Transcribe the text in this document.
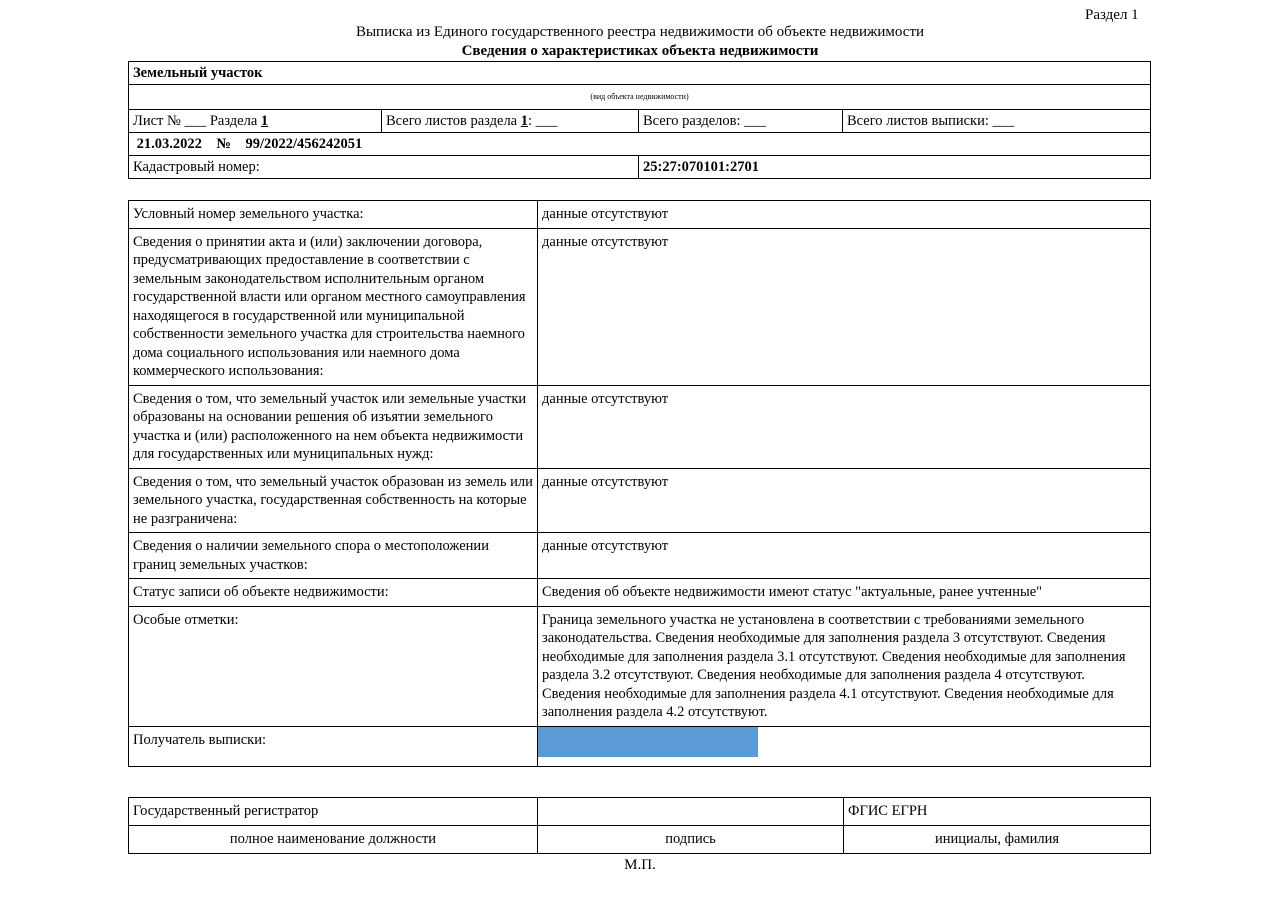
Раздел 1
Выписка из Единого государственного реестра недвижимости об объекте недвижимости
Сведения о характеристиках объекта недвижимости
Земельный участок			
(вид объекта недвижимости)			
Лист № ___ Раздела 1	Всего листов раздела 1: ___	Всего разделов: ___	Всего листов выписки: ___
21.03.2022 № 99/2022/456242051			
Кадастровый номер:		25:27:070101:2701	
Условный номер земельного участка:	данные отсутствуют
Сведения о принятии акта и (или) заключении договора, предусматривающих предоставление в соответствии с земельным законодательством исполнительным органом государственной власти или органом местного самоуправления находящегося в государственной или муниципальной собственности земельного участка для строительства наемного дома социального использования или наемного дома коммерческого использования:	данные отсутствуют
Сведения о том, что земельный участок или земельные участки образованы на основании решения об изъятии земельного участка и (или) расположенного на нем объекта недвижимости для государственных или муниципальных нужд:	данные отсутствуют
Сведения о том, что земельный участок образован из земель или земельного участка, государственная собственность на которые не разграничена:	данные отсутствуют
Сведения о наличии земельного спора о местоположении границ земельных участков:	данные отсутствуют
Статус записи об объекте недвижимости:	Сведения об объекте недвижимости имеют статус "актуальные, ранее учтенные"
Особые отметки:	Граница земельного участка не установлена в соответствии с требованиями земельного законодательства. Сведения необходимые для заполнения раздела 3 отсутствуют. Сведения необходимые для заполнения раздела 3.1 отсутствуют. Сведения необходимые для заполнения раздела 3.2 отсутствуют. Сведения необходимые для заполнения раздела 4 отсутствуют. Сведения необходимые для заполнения раздела 4.1 отсутствуют. Сведения необходимые для заполнения раздела 4.2 отсутствуют.
Получатель выписки:	
Государственный регистратор		ФГИС ЕГРН
полное наименование должности	подпись	инициалы, фамилия
М.П.
